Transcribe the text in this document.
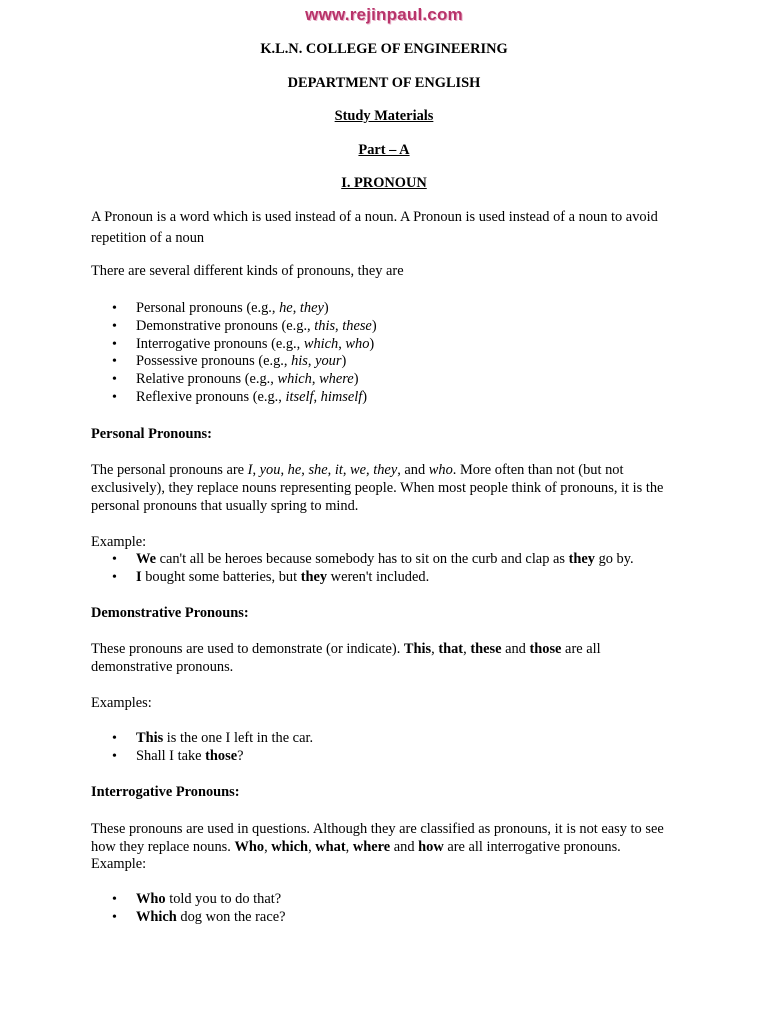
www.rejinpaul.com
K.L.N. COLLEGE OF ENGINEERING
DEPARTMENT OF ENGLISH
Study Materials
Part – A
I. PRONOUN
A Pronoun is a word which is used instead of a noun. A Pronoun is used instead of a noun to avoid repetition of a noun
There are several different kinds of pronouns, they are
• Personal pronouns (e.g., he, they)
• Demonstrative pronouns (e.g., this, these)
• Interrogative pronouns (e.g., which, who)
• Possessive pronouns (e.g., his, your)
• Relative pronouns (e.g., which, where)
• Reflexive pronouns (e.g., itself, himself)
Personal Pronouns:
The personal pronouns are I, you, he, she, it, we, they, and who. More often than not (but not exclusively), they replace nouns representing people. When most people think of pronouns, it is the personal pronouns that usually spring to mind.
Example:
• We can't all be heroes because somebody has to sit on the curb and clap as they go by.
• I bought some batteries, but they weren't included.
Demonstrative Pronouns:
These pronouns are used to demonstrate (or indicate). This, that, these and those are all demonstrative pronouns.
Examples:
• This is the one I left in the car.
• Shall I take those?
Interrogative Pronouns:
These pronouns are used in questions. Although they are classified as pronouns, it is not easy to see how they replace nouns. Who, which, what, where and how are all interrogative pronouns.
Example:
• Who told you to do that?
• Which dog won the race?
